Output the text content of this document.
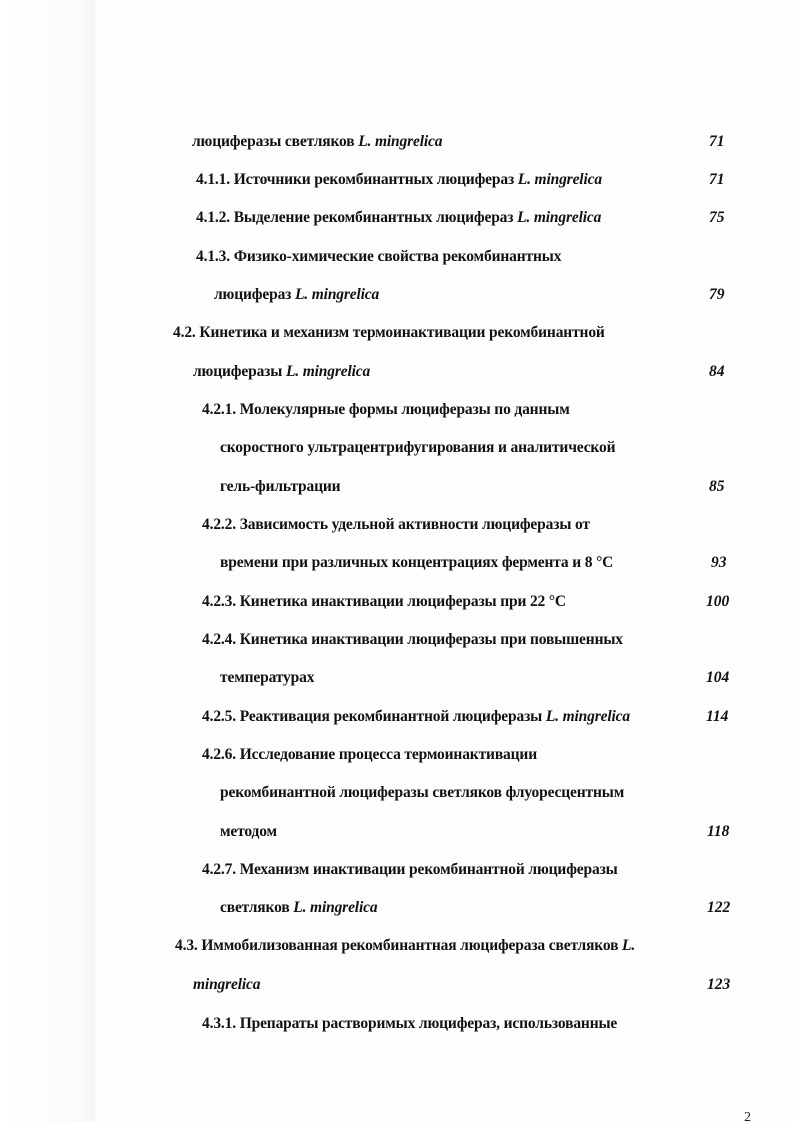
люциферазы светляков L. mingrelica	71
4.1.1. Источники рекомбинантных люцифераз L. mingrelica	71
4.1.2. Выделение рекомбинантных люцифераз L. mingrelica	75
4.1.3. Физико-химические свойства рекомбинантных
люцифераз L. mingrelica	79
4.2. Кинетика и механизм термоинактивации рекомбинантной
люциферазы L. mingrelica	84
4.2.1. Молекулярные формы люциферазы по данным
скоростного ультрацентрифугирования и аналитической
гель-фильтрации	85
4.2.2. Зависимость удельной активности люциферазы от
времени при различных концентрациях фермента и 8 °С	93
4.2.3. Кинетика инактивации люциферазы при 22 °С	100
4.2.4. Кинетика инактивации люциферазы при повышенных
температурах	104
4.2.5. Реактивация рекомбинантной люциферазы L. mingrelica	114
4.2.6. Исследование процесса термоинактивации
рекомбинантной люциферазы светляков флуоресцентным
методом	118
4.2.7. Механизм инактивации рекомбинантной люциферазы
светляков L. mingrelica	122
4.3. Иммобилизованная рекомбинантная люцифераза светляков L.
mingrelica	123
4.3.1. Препараты растворимых люцифераз, использованные
2
